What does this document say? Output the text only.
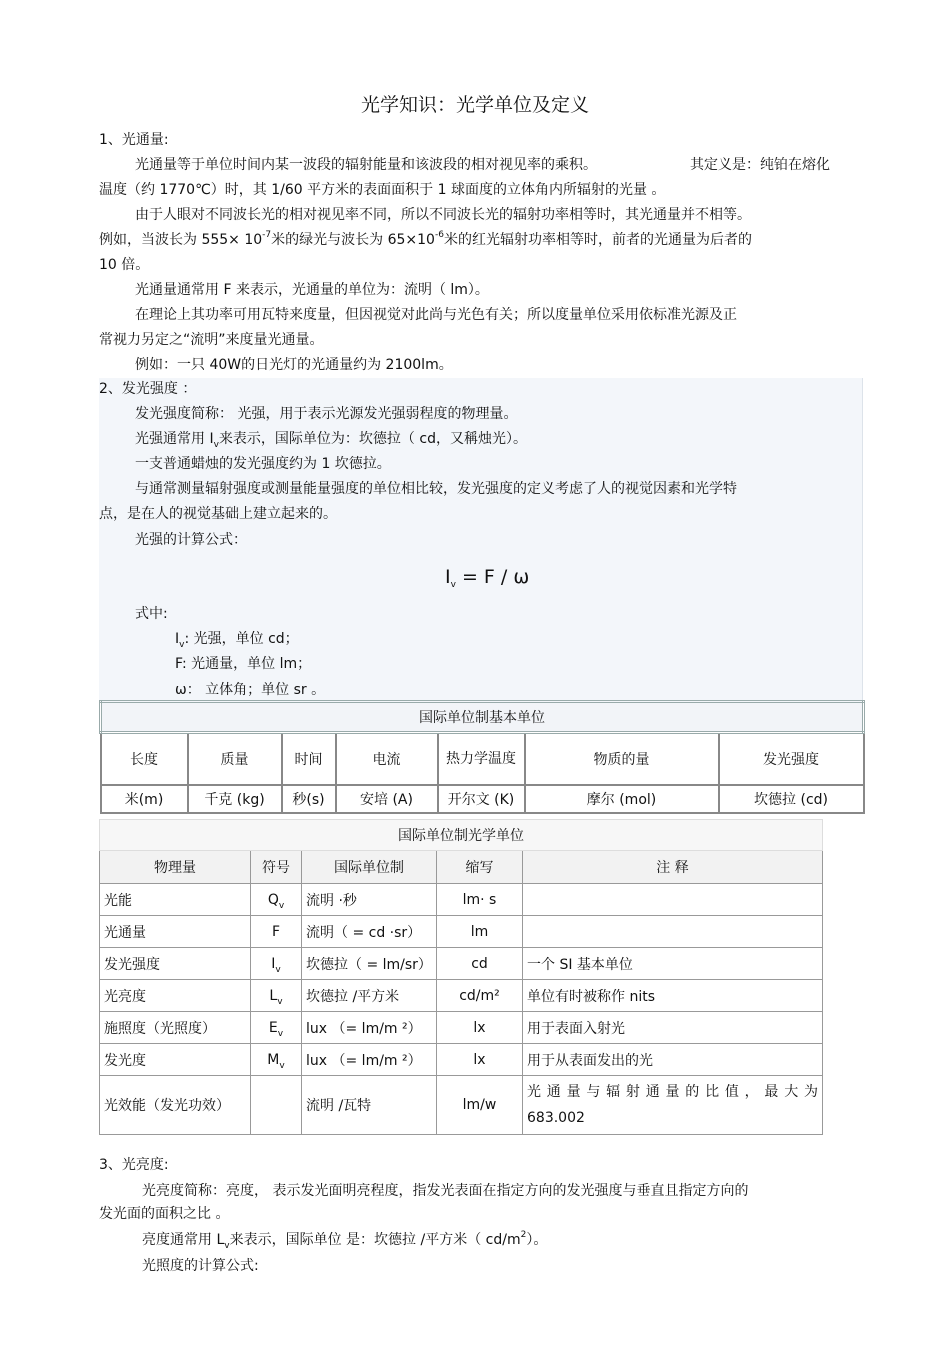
光学知识：光学单位及定义
1、光通量:
光通量等于单位时间内某一波段的辐射能量和该波段的相对视见率的乘积。	其定义是：纯铂在熔化
温度（约 1770℃）时，其 1/60 平方米的表面面积于 1 球面度的立体角内所辐射的光量 。
由于人眼对不同波长光的相对视见率不同，所以不同波长光的辐射功率相等时，其光通量并不相等。
例如，当波长为 $555\times 10^{-7}$米的绿光与波长为 $65\times 10^{-6}$米的红光辐射功率相等时，前者的光通量为后者的
10 倍。
光通量通常用 F 来表示，光通量的单位为：流明（ lm）。
在理论上其功率可用瓦特来度量，但因视觉对此尚与光色有关；所以度量单位采用依标准光源及正
常视力另定之“流明”来度量光通量。
例如：一只 40W的日光灯的光通量约为 2100lm。
2、发光强度 ：
发光强度简称： 光强，用于表示光源发光强弱程度的物理量。
光强通常用 $I_v$来表示，国际单位为：坎德拉（ cd，又稱烛光）。
一支普通蜡烛的发光强度约为 1 坎德拉。
与通常测量辐射强度或测量能量强度的单位相比较，发光强度的定义考虑了人的视觉因素和光学特
点，是在人的视觉基础上建立起来的。
光强的计算公式：
$I_v = F / \omega$
式中:
$I_v$: 光强，单位 cd；
F: 光通量，单位 lm；
ω： 立体角；单位 sr 。
国际单位制基本单位						
长度	质量	时间	电流	热力学温度	物质的量	发光强度
米(m)	千克 (kg)	秒(s)	安培 (A)	开尔文 (K)	摩尔 (mol)	坎德拉 (cd)
国际单位制光学单位				
物理量	符号	国际单位制	缩写	注 释
光能	$Q_v$	流明 ·秒	lm· s	
光通量	F	流明（ = cd ·sr）	lm	
发光强度	$I_v$	坎德拉（ = lm/sr）	cd	一个 SI 基本单位
光亮度	$L_v$	坎德拉 /平方米	cd/m²	单位有时被称作 nits
施照度（光照度）	$E_v$	lux （= lm/m ²）	lx	用于表面入射光
发光度	$M_v$	lux （= lm/m ²）	lx	用于从表面发出的光
光效能（发光功效）		流明 /瓦特	lm/w	光 通 量 与 辐 射 通 量 的 比 值 ， 最 大 为 683.002
3、光亮度:
光亮度简称：亮度， 表示发光面明亮程度，指发光表面在指定方向的发光强度与垂直且指定方向的
发光面的面积之比 。
亮度通常用 $L_v$来表示，国际单位 是：坎德拉 /平方米（ $cd/m^2$）。
光照度的计算公式:
